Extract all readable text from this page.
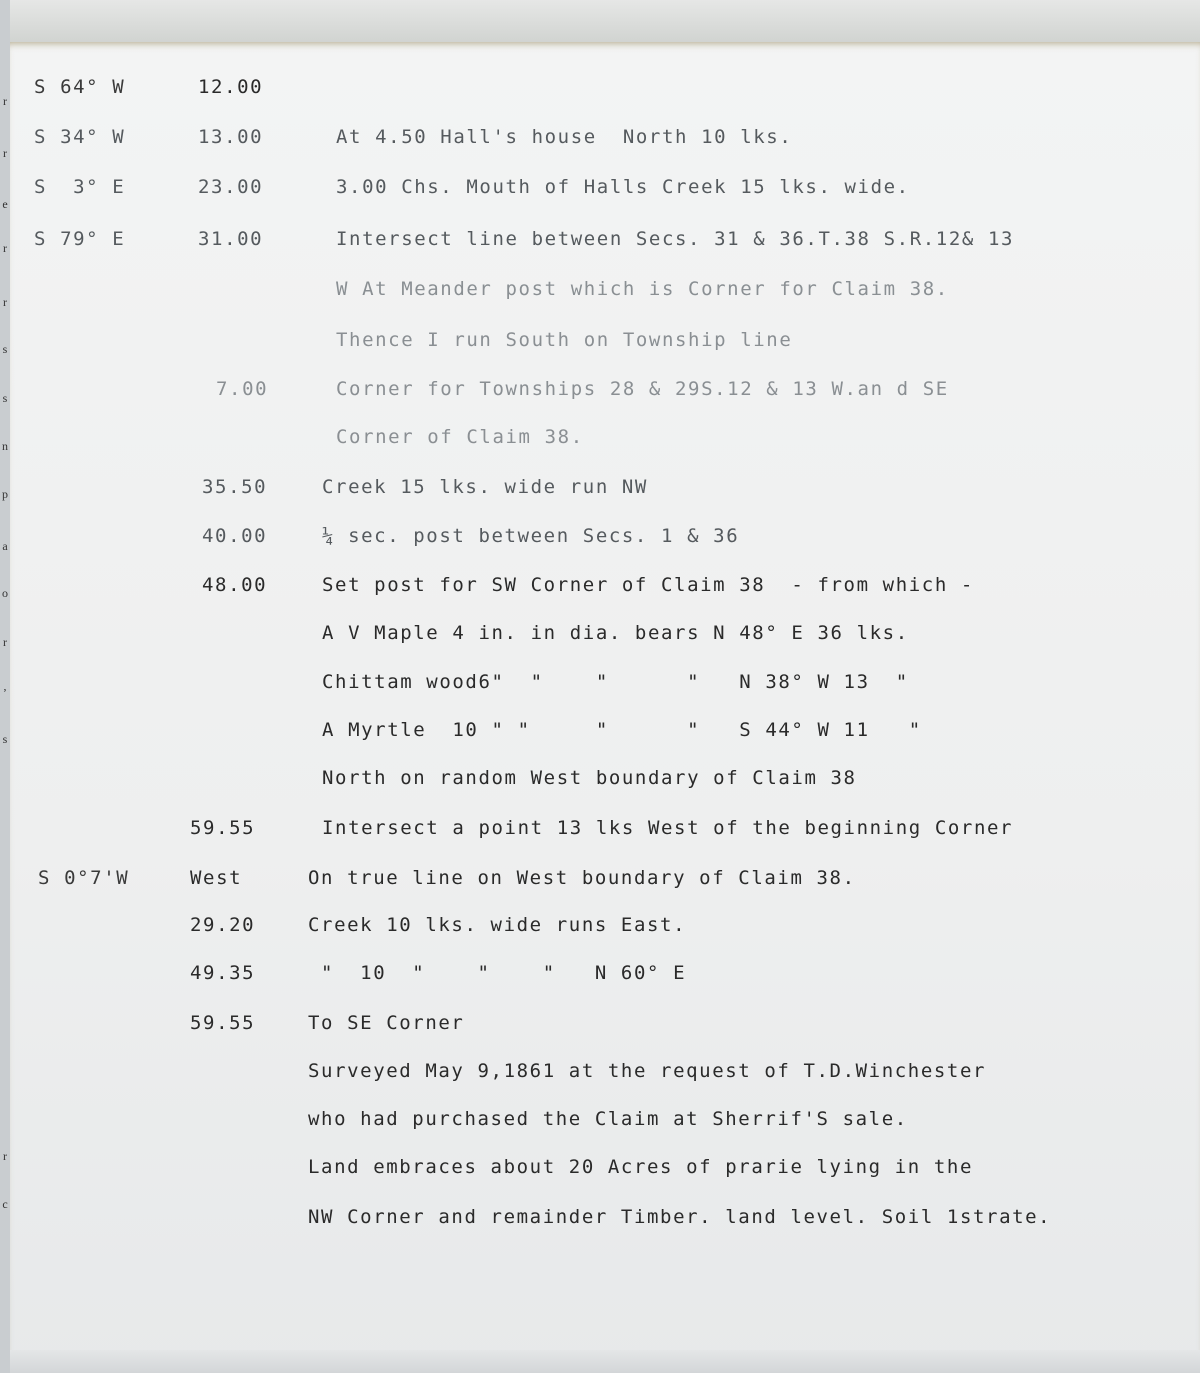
r
r
e
r
r
s
s
n
p
a
o
r
,
s
r
c
S 64° W	12.00
S 34° W	13.00	At 4.50 Hall's house  North 10 lks.
S  3° E	23.00	3.00 Chs. Mouth of Halls Creek 15 lks. wide.
S 79° E	31.00	Intersect line between Secs. 31 & 36.T.38 S.R.12& 13
W At Meander post which is Corner for Claim 38.
Thence I run South on Township line
7.00	Corner for Townships 28 & 29S.12 & 13 W.an d SE
Corner of Claim 38.
35.50	Creek 15 lks. wide run NW
40.00	¼ sec. post between Secs. 1 & 36
48.00	Set post for SW Corner of Claim 38  - from which -
A V Maple 4 in. in dia. bears N 48° E 36 lks.
Chittam wood6"  "    "      "   N 38° W 13  "
A Myrtle  10 " "     "      "   S 44° W 11   "
North on random West boundary of Claim 38
59.55	Intersect a point 13 lks West of the beginning Corner
S 0°7'W	West	On true line on West boundary of Claim 38.
29.20	Creek 10 lks. wide runs East.
49.35	"  10  "    "    "   N 60° E
59.55	To SE Corner
Surveyed May 9,1861 at the request of T.D.Winchester
who had purchased the Claim at Sherrif'S sale.
Land embraces about 20 Acres of prarie lying in the
NW Corner and remainder Timber. land level. Soil 1strate.
